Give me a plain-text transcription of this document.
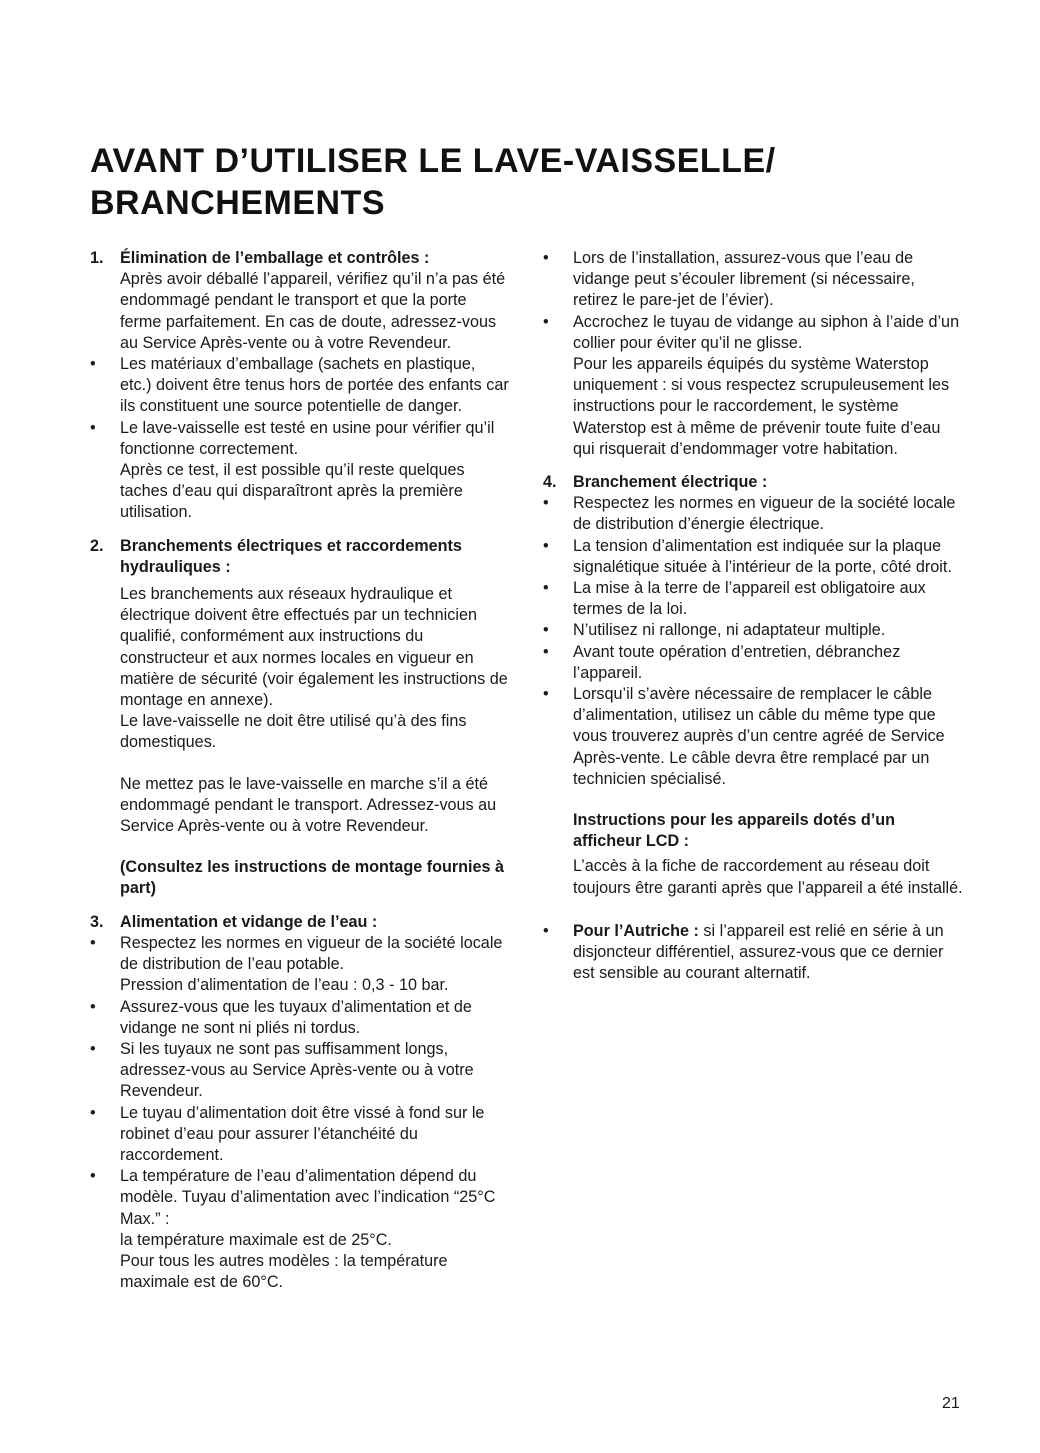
AVANT D’UTILISER LE LAVE-VAISSELLE/
BRANCHEMENTS
1. Élimination de l’emballage et contrôles :

Après avoir déballé l’appareil, vérifiez qu’il n’a pas été endommagé pendant le transport et que la porte ferme parfaitement. En cas de doute, adressez-vous au Service Après-vente ou à votre Revendeur.

• Les matériaux d’emballage (sachets en plastique, etc.) doivent être tenus hors de portée des enfants car ils constituent une source potentielle de danger.
• Le lave-vaisselle est testé en usine pour vérifier qu’il fonctionne correctement.

Après ce test, il est possible qu’il reste quelques taches d’eau qui disparaîtront après la première utilisation.

2. Branchements électriques et raccordements hydrauliques :

Les branchements aux réseaux hydraulique et électrique doivent être effectués par un technicien qualifié, conformément aux instructions du constructeur et aux normes locales en vigueur en matière de sécurité (voir également les instructions de montage en annexe).

Le lave-vaisselle ne doit être utilisé qu’à des fins domestiques.

Ne mettez pas le lave-vaisselle en marche s’il a été endommagé pendant le transport. Adressez-vous au Service Après-vente ou à votre Revendeur.

(Consultez les instructions de montage fournies à part)

3. Alimentation et vidange de l’eau :
• Respectez les normes en vigueur de la société locale de distribution de l’eau potable.

Pression d’alimentation de l’eau : 0,3 - 10 bar.

• Assurez-vous que les tuyaux d’alimentation et de vidange ne sont ni pliés ni tordus.
• Si les tuyaux ne sont pas suffisamment longs, adressez-vous au Service Après-vente ou à votre Revendeur.
• Le tuyau d’alimentation doit être vissé à fond sur le robinet d’eau pour assurer l’étanchéité du raccordement.
• La température de l’eau d’alimentation dépend du modèle. Tuyau d’alimentation avec l’indication “25°C Max.” :

la température maximale est de 25°C.

Pour tous les autres modèles : la température maximale est de 60°C.

• Lors de l’installation, assurez-vous que l’eau de vidange peut s’écouler librement (si nécessaire, retirez le pare-jet de l’évier).
• Accrochez le tuyau de vidange au siphon à l’aide d’un collier pour éviter qu’il ne glisse.

Pour les appareils équipés du système Waterstop uniquement : si vous respectez scrupuleusement les instructions pour le raccordement, le système Waterstop est à même de prévenir toute fuite d’eau qui risquerait d’endommager votre habitation.

4. Branchement électrique :
• Respectez les normes en vigueur de la société locale de distribution d’énergie électrique.
• La tension d’alimentation est indiquée sur la plaque signalétique située à l’intérieur de la porte, côté droit.
• La mise à la terre de l’appareil est obligatoire aux termes de la loi.
• N’utilisez ni rallonge, ni adaptateur multiple.
• Avant toute opération d’entretien, débranchez l’appareil.
• Lorsqu’il s’avère nécessaire de remplacer le câble d’alimentation, utilisez un câble du même type que vous trouverez auprès d’un centre agréé de Service Après-vente. Le câble devra être remplacé par un technicien spécialisé.

Instructions pour les appareils dotés d’un afficheur LCD :

L’accès à la fiche de raccordement au réseau doit toujours être garanti après que l’appareil a été installé.

• Pour l’Autriche : si l’appareil est relié en série à un disjoncteur différentiel, assurez-vous que ce dernier est sensible au courant alternatif.
21
